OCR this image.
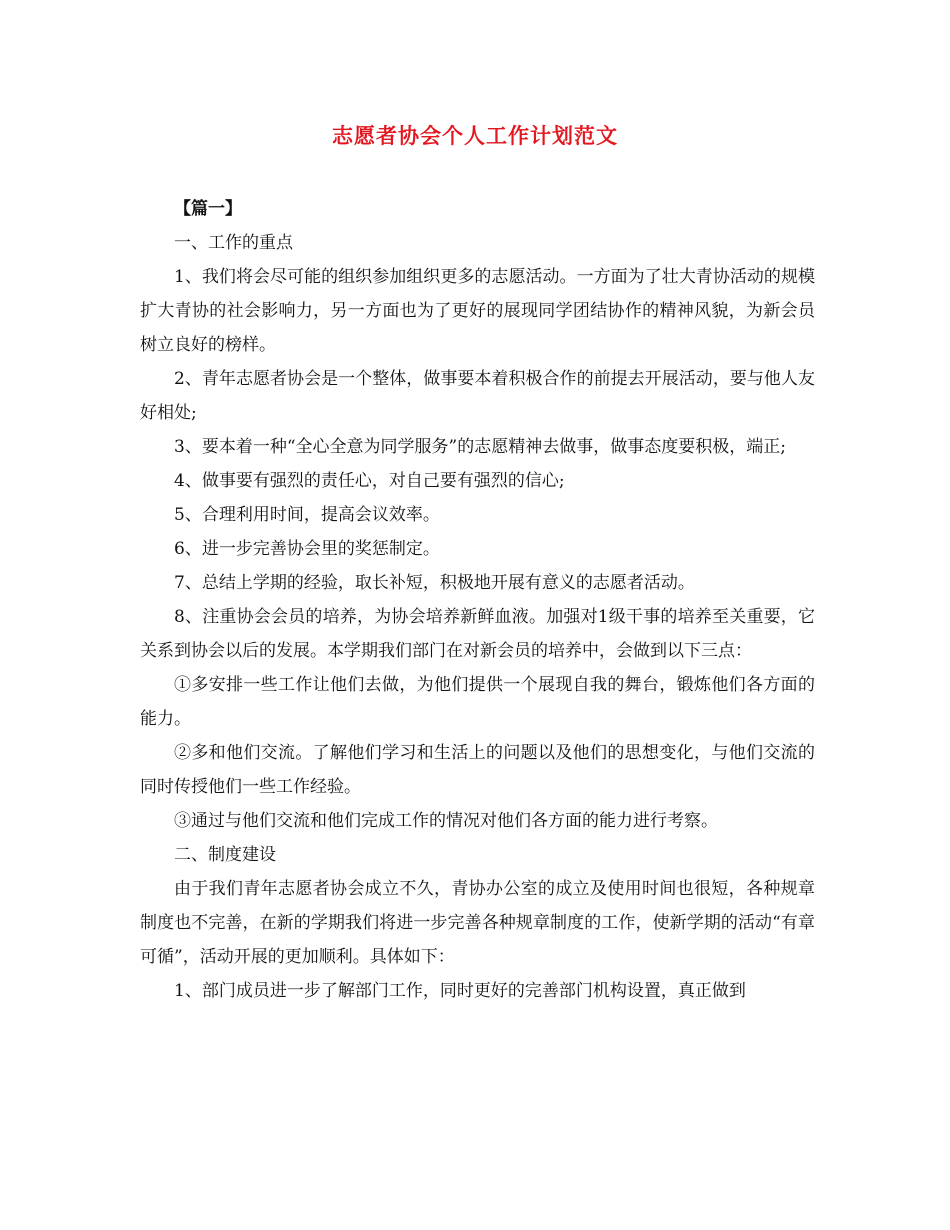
志愿者协会个人工作计划范文

【篇一】

一、工作的重点

1、我们将会尽可能的组织参加组织更多的志愿活动。一方面为了壮大青协活动的规模扩大青协的社会影响力，另一方面也为了更好的展现同学团结协作的精神风貌，为新会员树立良好的榜样。

2、青年志愿者协会是一个整体，做事要本着积极合作的前提去开展活动，要与他人友好相处;

3、要本着一种“全心全意为同学服务”的志愿精神去做事，做事态度要积极，端正;

4、做事要有强烈的责任心，对自己要有强烈的信心;

5、合理利用时间，提高会议效率。

6、进一步完善协会里的奖惩制定。

7、总结上学期的经验，取长补短，积极地开展有意义的志愿者活动。

8、注重协会会员的培养，为协会培养新鲜血液。加强对1级干事的培养至关重要，它关系到协会以后的发展。本学期我们部门在对新会员的培养中，会做到以下三点：

①多安排一些工作让他们去做，为他们提供一个展现自我的舞台，锻炼他们各方面的能力。

②多和他们交流。了解他们学习和生活上的问题以及他们的思想变化，与他们交流的同时传授他们一些工作经验。

③通过与他们交流和他们完成工作的情况对他们各方面的能力进行考察。

二、制度建设

由于我们青年志愿者协会成立不久，青协办公室的成立及使用时间也很短，各种规章制度也不完善，在新的学期我们将进一步完善各种规章制度的工作，使新学期的活动“有章可循”，活动开展的更加顺利。具体如下：

1、部门成员进一步了解部门工作，同时更好的完善部门机构设置，真正做到
